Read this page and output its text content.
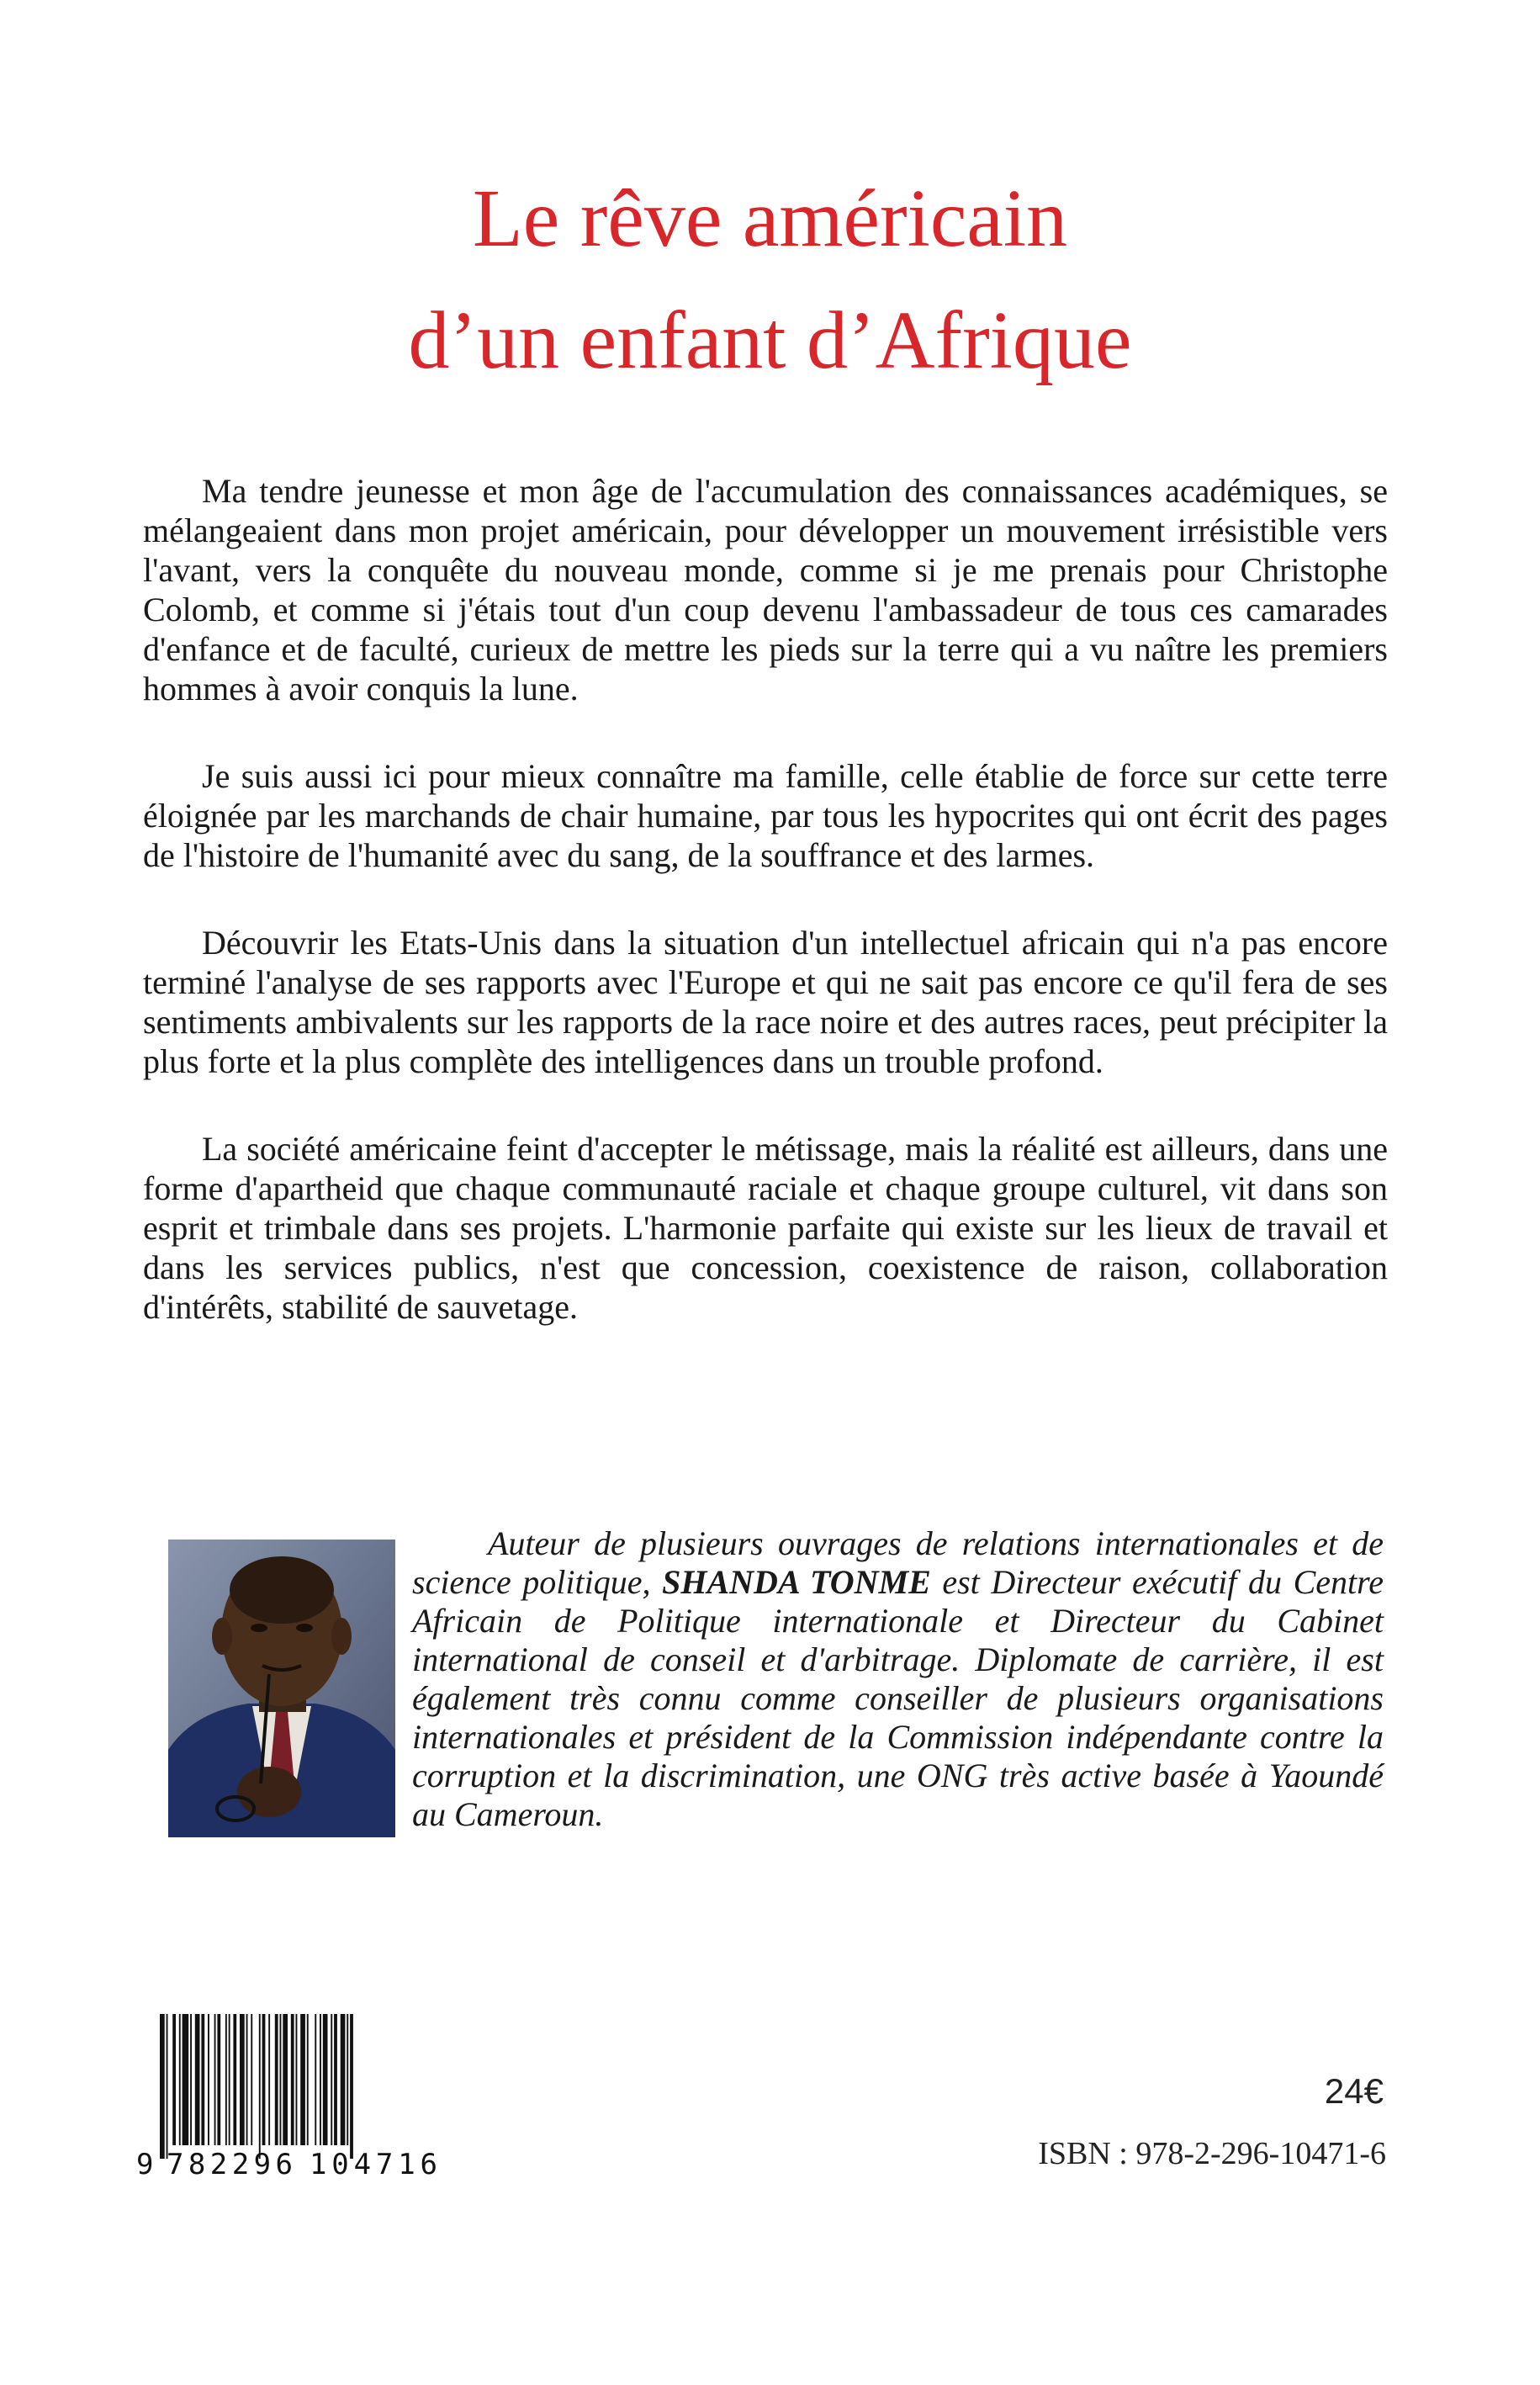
Le rêve américain
d’un enfant d’Afrique

Ma tendre jeunesse et mon âge de l'accumulation des connaissances académiques, se mélangeaient dans mon projet américain, pour développer un mouvement irrésistible vers l'avant, vers la conquête du nouveau monde, comme si je me prenais pour Christophe Colomb, et comme si j'étais tout d'un coup devenu l'ambassadeur de tous ces camarades d'enfance et de faculté, curieux de mettre les pieds sur la terre qui a vu naître les premiers hommes à avoir conquis la lune.

Je suis aussi ici pour mieux connaître ma famille, celle établie de force sur cette terre éloignée par les marchands de chair humaine, par tous les hypocrites qui ont écrit des pages de l'histoire de l'humanité avec du sang, de la souffrance et des larmes.

Découvrir les Etats-Unis dans la situation d'un intellectuel africain qui n'a pas encore terminé l'analyse de ses rapports avec l'Europe et qui ne sait pas encore ce qu'il fera de ses sentiments ambivalents sur les rapports de la race noire et des autres races, peut précipiter la plus forte et la plus complète des intelligences dans un trouble profond.

La société américaine feint d'accepter le métissage, mais la réalité est ailleurs, dans une forme d'apartheid que chaque communauté raciale et chaque groupe culturel, vit dans son esprit et trimbale dans ses projets. L'harmonie parfaite qui existe sur les lieux de travail et dans les services publics, n'est que concession, coexistence de raison, collaboration d'intérêts, stabilité de sauvetage.

Auteur de plusieurs ouvrages de relations internationales et de science politique, SHANDA TONME est Directeur exécutif du Centre Africain de Politique internationale et Directeur du Cabinet international de conseil et d'arbitrage. Diplomate de carrière, il est également très connu comme conseiller de plusieurs organisations internationales et président de la Commission indépendante contre la corruption et la discrimination, une ONG très active basée à Yaoundé au Cameroun.
9 782296 104716
24€
ISBN : 978-2-296-10471-6
